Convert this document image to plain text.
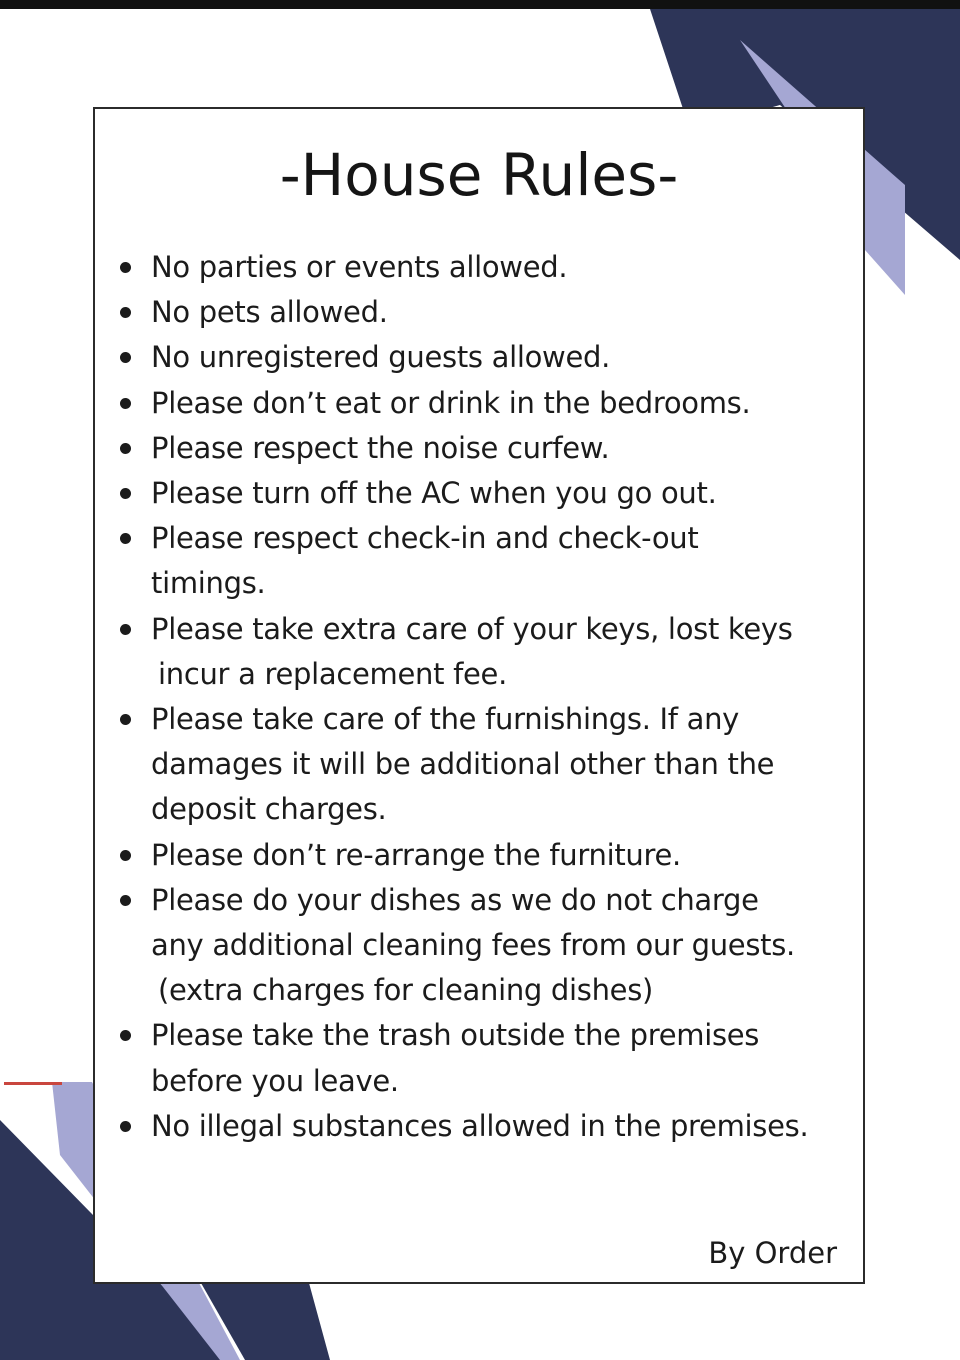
-House Rules-
No parties or events allowed.
No pets allowed.
No unregistered guests allowed.
Please don’t eat or drink in the bedrooms.
Please respect the noise curfew.
Please turn off the AC when you go out.
Please respect check-in and check-out
timings.
Please take extra care of your keys, lost keys
incur a replacement fee.
Please take care of the furnishings. If any
damages it will be additional other than the
deposit charges.
Please don’t re-arrange the furniture.
Please do your dishes as we do not charge
any additional cleaning fees from our guests.
(extra charges for cleaning dishes)
Please take the trash outside the premises
before you leave.
No illegal substances allowed in the premises.

By Order
